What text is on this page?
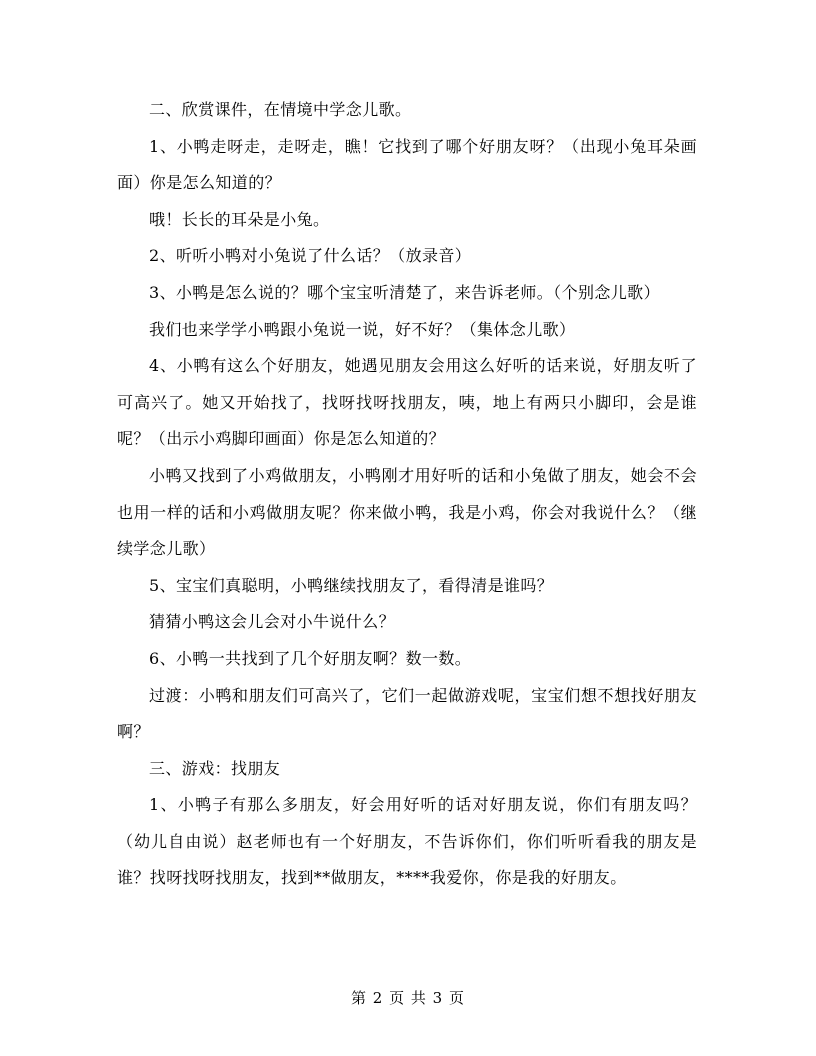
二、欣赏课件，在情境中学念儿歌。

1、小鸭走呀走，走呀走，瞧！它找到了哪个好朋友呀？（出现小兔耳朵画面）你是怎么知道的？

哦！长长的耳朵是小兔。

2、听听小鸭对小兔说了什么话？（放录音）

3、小鸭是怎么说的？哪个宝宝听清楚了，来告诉老师。（个别念儿歌）

我们也来学学小鸭跟小兔说一说，好不好？（集体念儿歌）

4、小鸭有这么个好朋友，她遇见朋友会用这么好听的话来说，好朋友听了可高兴了。她又开始找了，找呀找呀找朋友，咦，地上有两只小脚印，会是谁呢？（出示小鸡脚印画面）你是怎么知道的？

小鸭又找到了小鸡做朋友，小鸭刚才用好听的话和小兔做了朋友，她会不会也用一样的话和小鸡做朋友呢？你来做小鸭，我是小鸡，你会对我说什么？（继续学念儿歌）

5、宝宝们真聪明，小鸭继续找朋友了，看得清是谁吗？

猜猜小鸭这会儿会对小牛说什么？

6、小鸭一共找到了几个好朋友啊？数一数。

过渡：小鸭和朋友们可高兴了，它们一起做游戏呢，宝宝们想不想找好朋友啊？

三、游戏：找朋友

1、小鸭子有那么多朋友，好会用好听的话对好朋友说，你们有朋友吗？（幼儿自由说）赵老师也有一个好朋友，不告诉你们，你们听听看我的朋友是谁？找呀找呀找朋友，找到**做朋友，****我爱你，你是我的好朋友。

第 2 页 共 3 页
